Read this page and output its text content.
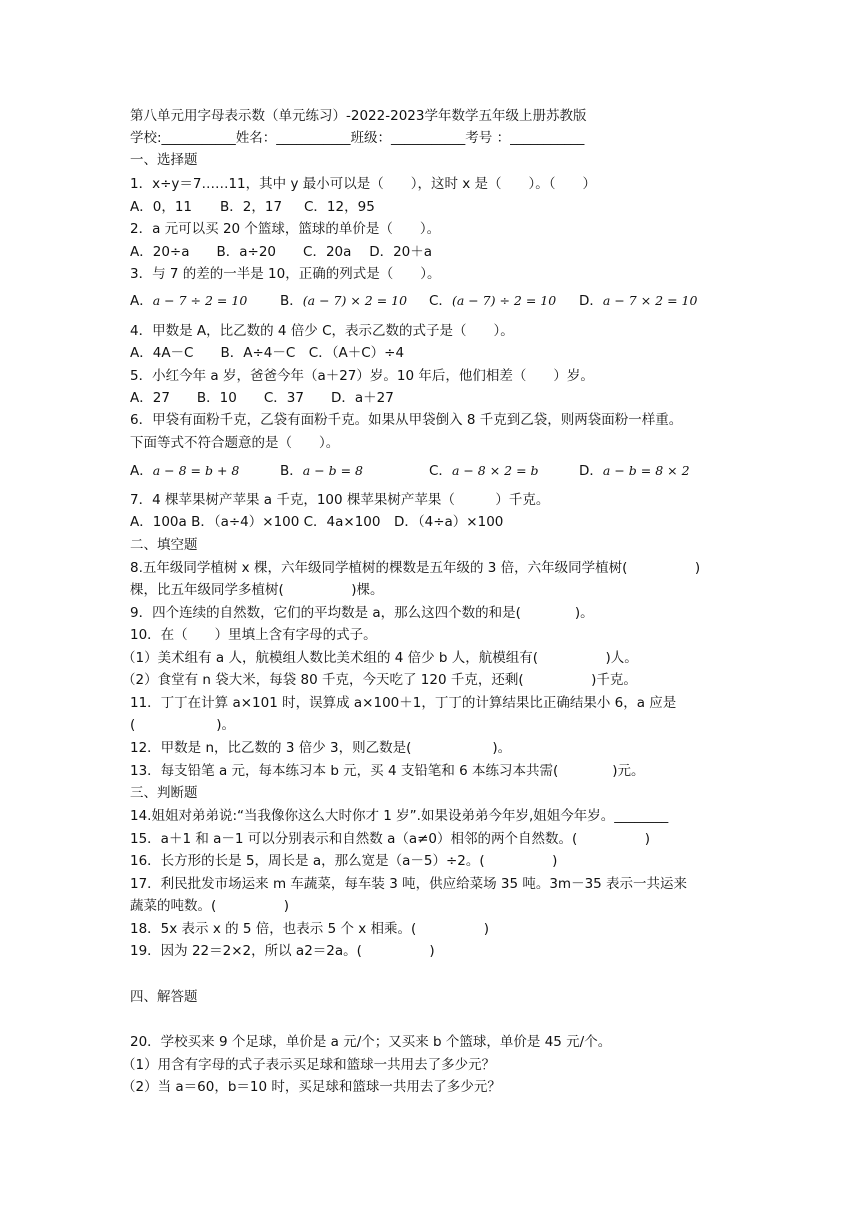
第八单元用字母表示数（单元练习）-2022-2023学年数学五年级上册苏教版
学校:___________姓名：___________班级：___________考号 ：___________
一、选择题
1．x÷y＝7……11，其中 y 最小可以是（　　），这时 x 是（　　）。（　　）
A．0，11 B．2，17 C．12，95
2．a 元可以买 20 个篮球，篮球的单价是（　　）。
A．20÷a　　B．a÷20　　C．20a　 D．20＋a
3．与 7 的差的一半是 10，正确的列式是（　　）。
A．a − 7 ÷ 2 = 10 B．(a − 7) × 2 = 10 C．(a − 7) ÷ 2 = 10 D．a − 7 × 2 = 10
4．甲数是 A，比乙数的 4 倍少 C，表示乙数的式子是（　　）。
A．4A－C　　B．A÷4－C　C．（A＋C）÷4
5．小红今年 a 岁，爸爸今年（a＋27）岁。10 年后，他们相差（　　）岁。
A．27　　B．10　　C．37　　D．a＋27
6．甲袋有面粉千克，乙袋有面粉千克。如果从甲袋倒入 8 千克到乙袋，则两袋面粉一样重。
下面等式不符合题意的是（　　）。
A．a − 8 = b + 8	B．a − b = 8	C．a − 8 × 2 = b	D．a − b = 8 × 2
7．4 棵苹果树产苹果 a 千克，100 棵苹果树产苹果（　　　）千克。
A．100a B．（a÷4）×100 C．4a×100　D．（4÷a）×100
二、填空题
8.五年级同学植树 x 棵，六年级同学植树的棵数是五年级的 3 倍，六年级同学植树(　　　　　)
棵，比五年级同学多植树(　　　　　)棵。
9．四个连续的自然数，它们的平均数是 a，那么这四个数的和是(　　　　)。
10．在（　　）里填上含有字母的式子。
（1）美术组有 a 人，航模组人数比美术组的 4 倍少 b 人，航模组有(　　　　　)人。
（2）食堂有 n 袋大米，每袋 80 千克，今天吃了 120 千克，还剩(　　　　　)千克。
11．丁丁在计算 a×101 时，误算成 a×100＋1，丁丁的计算结果比正确结果小 6，a 应是
(　　　　　　)。
12．甲数是 n，比乙数的 3 倍少 3，则乙数是(　　　　　　)。
13．每支铅笔 a 元，每本练习本 b 元，买 4 支铅笔和 6 本练习本共需(　　　　)元。
三、判断题
14.姐姐对弟弟说:“当我像你这么大时你才 1 岁”.如果设弟弟今年岁,姐姐今年岁。________
15．a＋1 和 a－1 可以分别表示和自然数 a（a≠0）相邻的两个自然数。(　　　　　)
16．长方形的长是 5，周长是 a，那么宽是（a－5）÷2。(　　　　　)
17．利民批发市场运来 m 车蔬菜，每车装 3 吨，供应给菜场 35 吨。3m－35 表示一共运来
蔬菜的吨数。(　　　　　)
18．5x 表示 x 的 5 倍，也表示 5 个 x 相乘。(　　　　　)
19．因为 22＝2×2，所以 a2＝2a。(　　　　　)
四、解答题
20．学校买来 9 个足球，单价是 a 元/个；又买来 b 个篮球，单价是 45 元/个。
（1）用含有字母的式子表示买足球和篮球一共用去了多少元？
（2）当 a＝60，b＝10 时，买足球和篮球一共用去了多少元？
